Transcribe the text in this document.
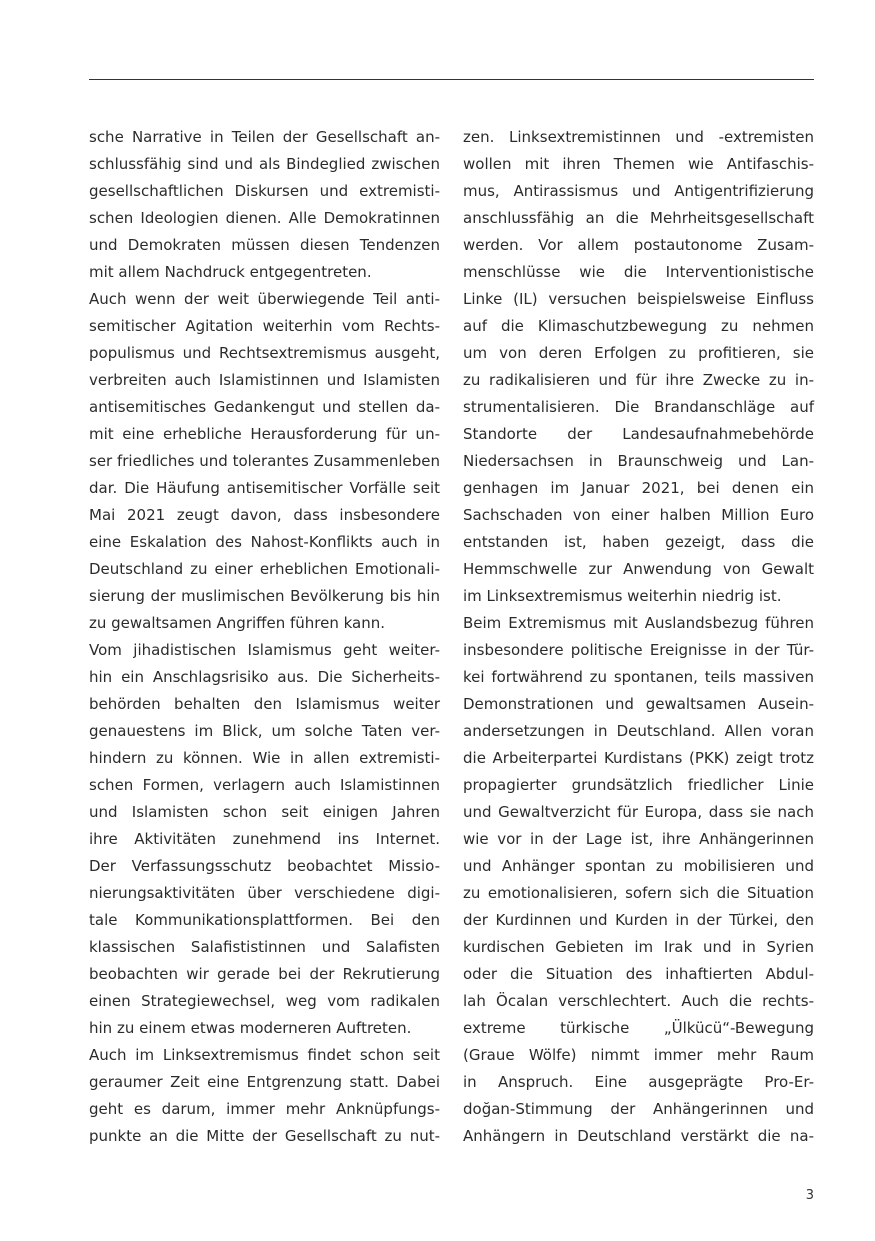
sche Narrative in Teilen der Gesellschaft an-
schlussfähig sind und als Bindeglied zwischen
gesellschaftlichen Diskursen und extremisti-
schen Ideologien dienen. Alle Demokratinnen
und Demokraten müssen diesen Tendenzen
mit allem Nachdruck entgegentreten.
Auch wenn der weit überwiegende Teil anti-
semitischer Agitation weiterhin vom Rechts-
populismus und Rechtsextremismus ausgeht,
verbreiten auch Islamistinnen und Islamisten
antisemitisches Gedankengut und stellen da-
mit eine erhebliche Herausforderung für un-
ser friedliches und tolerantes Zusammenleben
dar. Die Häufung antisemitischer Vorfälle seit
Mai 2021 zeugt davon, dass insbesondere
eine Eskalation des Nahost-Konflikts auch in
Deutschland zu einer erheblichen Emotionali-
sierung der muslimischen Bevölkerung bis hin
zu gewaltsamen Angriffen führen kann.
Vom jihadistischen Islamismus geht weiter-
hin ein Anschlagsrisiko aus. Die Sicherheits-
behörden behalten den Islamismus weiter
genauestens im Blick, um solche Taten ver-
hindern zu können. Wie in allen extremisti-
schen Formen, verlagern auch Islamistinnen
und Islamisten schon seit einigen Jahren
ihre Aktivitäten zunehmend ins Internet.
Der Verfassungsschutz beobachtet Missio-
nierungsaktivitäten über verschiedene digi-
tale Kommunikationsplattformen. Bei den
klassischen Salafististinnen und Salafisten
beobachten wir gerade bei der Rekrutierung
einen Strategiewechsel, weg vom radikalen
hin zu einem etwas moderneren Auftreten.
Auch im Linksextremismus findet schon seit
geraumer Zeit eine Entgrenzung statt. Dabei
geht es darum, immer mehr Anknüpfungs-
punkte an die Mitte der Gesellschaft zu nut-
zen. Linksextremistinnen und -extremisten
wollen mit ihren Themen wie Antifaschis-
mus, Antirassismus und Antigentrifizierung
anschlussfähig an die Mehrheitsgesellschaft
werden. Vor allem postautonome Zusam-
menschlüsse wie die Interventionistische
Linke (IL) versuchen beispielsweise Einfluss
auf die Klimaschutzbewegung zu nehmen
um von deren Erfolgen zu profitieren, sie
zu radikalisieren und für ihre Zwecke zu in-
strumentalisieren. Die Brandanschläge auf
Standorte der Landesaufnahmebehörde
Niedersachsen in Braunschweig und Lan-
genhagen im Januar 2021, bei denen ein
Sachschaden von einer halben Million Euro
entstanden ist, haben gezeigt, dass die
Hemmschwelle zur Anwendung von Gewalt
im Linksextremismus weiterhin niedrig ist.
Beim Extremismus mit Auslandsbezug führen
insbesondere politische Ereignisse in der Tür-
kei fortwährend zu spontanen, teils massiven
Demonstrationen und gewaltsamen Ausein-
andersetzungen in Deutschland. Allen voran
die Arbeiterpartei Kurdistans (PKK) zeigt trotz
propagierter grundsätzlich friedlicher Linie
und Gewaltverzicht für Europa, dass sie nach
wie vor in der Lage ist, ihre Anhängerinnen
und Anhänger spontan zu mobilisieren und
zu emotionalisieren, sofern sich die Situation
der Kurdinnen und Kurden in der Türkei, den
kurdischen Gebieten im Irak und in Syrien
oder die Situation des inhaftierten Abdul-
lah Öcalan verschlechtert. Auch die rechts-
extreme türkische „Ülkücü“-Bewegung
(Graue Wölfe) nimmt immer mehr Raum
in Anspruch. Eine ausgeprägte Pro-Er-
doğan-Stimmung der Anhängerinnen und
Anhängern in Deutschland verstärkt die na-
3
